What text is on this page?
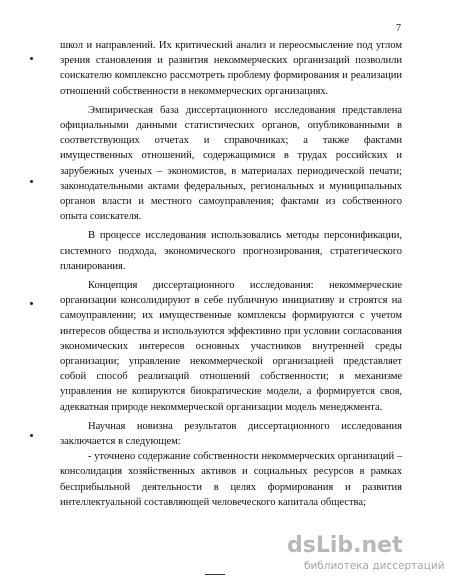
7

школ и направлений. Их критический анализ и переосмысление под углом зрения становления и развития некоммерческих организаций позволили соискателю комплексно рассмотреть проблему формирования и реализации отношений собственности в некоммерческих организациях.

Эмпирическая база диссертационного исследования представлена официальными данными статистических органов, опубликованными в соответствующих отчетах и справочниках; а также фактами имущественных отношений, содержащимися в трудах российских и зарубежных ученых – экономистов, в материалах периодической печати; законодательными актами федеральных, региональных и муниципальных органов власти и местного самоуправления; фактами из собственного опыта соискателя.

В процессе исследования использовались методы персонификации, системного подхода, экономического прогнозирования, стратегического планирования.

Концепция диссертационного исследования: некоммерческие организации консолидируют в себе публичную инициативу и строятся на самоуправлении; их имущественные комплексы формируются с учетом интересов общества и используются эффективно при условии согласования экономических интересов основных участников внутренней среды организации; управление некоммерческой организацией представляет собой способ реализаций отношений собственности; в механизме управления не копируются биократические модели, а формируется своя, адекватная природе некоммерческой организации модель менеджмента.

Научная новизна результатов диссертационного исследования заключается в следующем:

- уточнено содержание собственности некоммерческих организаций – консолидация хозяйственных активов и социальных ресурсов в рамках бесприбыльной деятельности в целях формирования и развития интеллектуальной составляющей человеческого капитала общества;

dsLib.net
библиотека диссертаций
